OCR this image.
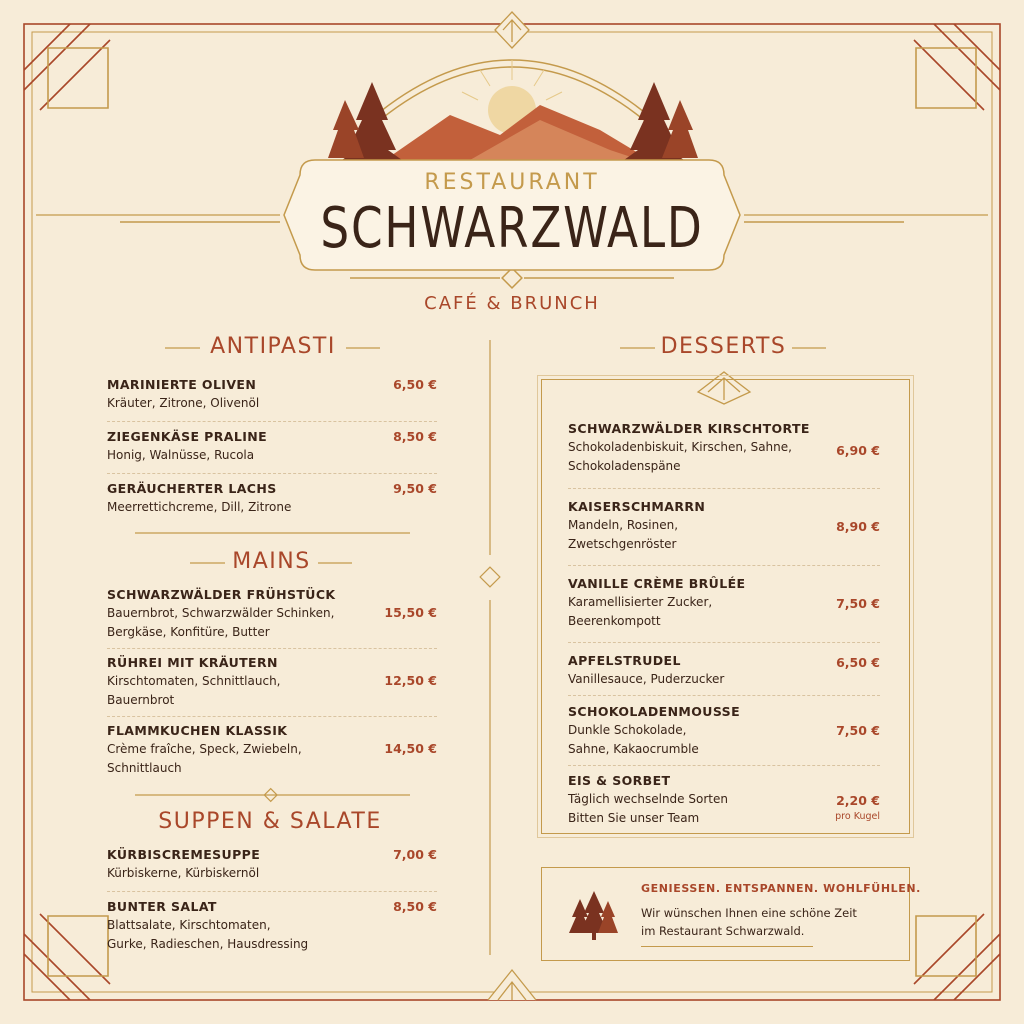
RESTAURANT
SCHWARZWALD
CAFÉ & BRUNCH
ANTIPASTI
MARINIERTE OLIVEN
Kräuter, Zitrone, Olivenöl
6,50 €
ZIEGENKÄSE PRALINE
Honig, Walnüsse, Rucola
8,50 €
GERÄUCHERTER LACHS
Meerrettichcreme, Dill, Zitrone
9,50 €
MAINS
SCHWARZWÄLDER FRÜHSTÜCK
Bauernbrot, Schwarzwälder Schinken,
Bergkäse, Konfitüre, Butter
15,50 €
RÜHREI MIT KRÄUTERN
Kirschtomaten, Schnittlauch,
Bauernbrot
12,50 €
FLAMMKUCHEN KLASSIK
Crème fraîche, Speck, Zwiebeln,
Schnittlauch
14,50 €
SUPPEN & SALATE
KÜRBISCREMESUPPE
Kürbiskerne, Kürbiskernöl
7,00 €
BUNTER SALAT
Blattsalate, Kirschtomaten,
Gurke, Radieschen, Hausdressing
8,50 €
DESSERTS
SCHWARZWÄLDER KIRSCHTORTE
Schokoladenbiskuit, Kirschen, Sahne,
Schokoladenspäne
6,90 €
KAISERSCHMARRN
Mandeln, Rosinen,
Zwetschgenröster
8,90 €
VANILLE CRÈME BRÛLÉE
Karamellisierter Zucker,
Beerenkompott
7,50 €
APFELSTRUDEL
Vanillesauce, Puderzucker
6,50 €
SCHOKOLADENMOUSSE
Dunkle Schokolade,
Sahne, Kakaocrumble
7,50 €
EIS & SORBET
Täglich wechselnde Sorten
Bitten Sie unser Team
2,20 €
pro Kugel
GENIESSEN. ENTSPANNEN. WOHLFÜHLEN.
Wir wünschen Ihnen eine schöne Zeit
im Restaurant Schwarzwald.
